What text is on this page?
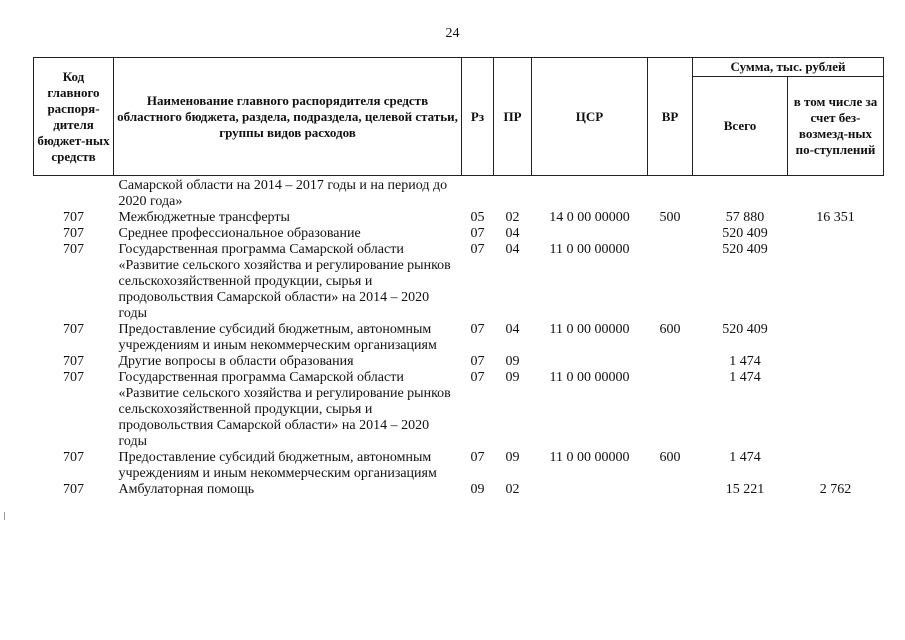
24
Код главного распоря-дителя бюджет-ных средств	Наименование главного распорядителя средств областного бюджета, раздела, подраздела, целевой статьи, группы видов расходов	Рз	ПР	ЦСР	ВР	Сумма, тыс. рублей	
						Всего	в том числе за счет без-возмезд-ных по-ступлений
	Самарской области на 2014 – 2017 годы и на период до 2020 года»						
707	Межбюджетные трансферты	05	02	14 0 00 00000	500	57 880	16 351
707	Среднее профессиональное образование	07	04			520 409	
707	Государственная программа Самарской области «Развитие сельского хозяйства и регулирование рынков сельскохозяйственной продукции, сырья и продовольствия Самарской области» на 2014 – 2020 годы	07	04	11 0 00 00000		520 409	
707	Предоставление субсидий бюджетным, автономным учреждениям и иным некоммерческим организациям	07	04	11 0 00 00000	600	520 409	
707	Другие вопросы в области образования	07	09			1 474	
707	Государственная программа Самарской области «Развитие сельского хозяйства и регулирование рынков сельскохозяйственной продукции, сырья и продовольствия Самарской области» на 2014 – 2020 годы	07	09	11 0 00 00000		1 474	
707	Предоставление субсидий бюджетным, автономным учреждениям и иным некоммерческим организациям	07	09	11 0 00 00000	600	1 474	
707	Амбулаторная помощь	09	02			15 221	2 762
